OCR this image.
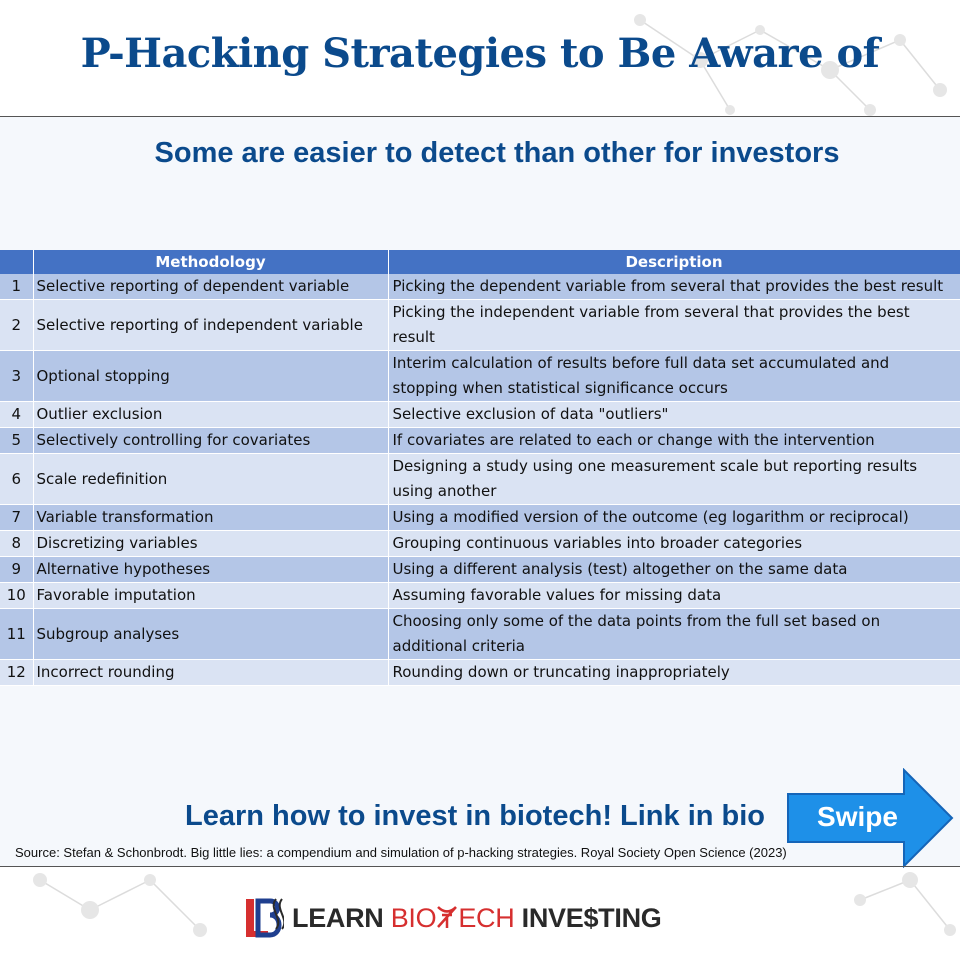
P-Hacking Strategies to Be Aware of
Some are easier to detect than other for investors
	Methodology	Description
1	Selective reporting of dependent variable	Picking the dependent variable from several that provides the best result
2	Selective reporting of independent variable	Picking the independent variable from several that provides the best result
3	Optional stopping	Interim calculation of results before full data set accumulated and stopping when statistical significance occurs
4	Outlier exclusion	Selective exclusion of data "outliers"
5	Selectively controlling for covariates	If covariates are related to each or change with the intervention
6	Scale redefinition	Designing a study using one measurement scale but reporting results using another
7	Variable transformation	Using a modified version of the outcome (eg logarithm or reciprocal)
8	Discretizing variables	Grouping continuous variables into broader categories
9	Alternative hypotheses	Using a different analysis (test) altogether on the same data
10	Favorable imputation	Assuming favorable values for missing data
11	Subgroup analyses	Choosing only some of the data points from the full set based on additional criteria
12	Incorrect rounding	Rounding down or truncating inappropriately
Learn how to invest in biotech! Link in bio	Swipe
Source: Stefan & Schonbrodt. Big little lies: a compendium and simulation of p-hacking strategies. Royal Society Open Science (2023)
LEARN BIO ECH INVE$TING
